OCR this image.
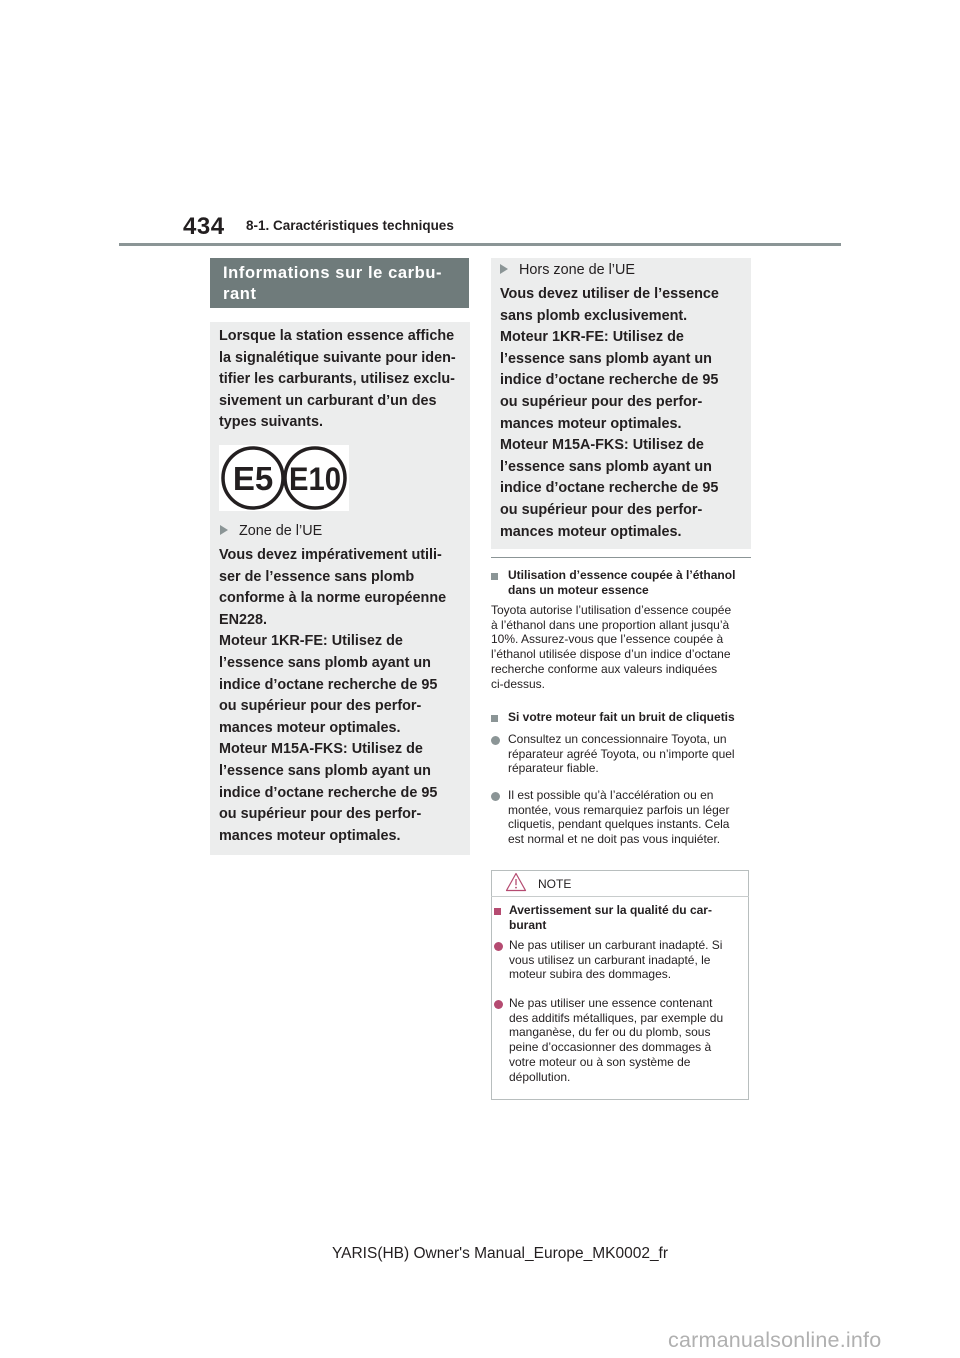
434 8-1. Caractéristiques techniques
Informations sur le carbu-
rant
Lorsque la station essence affiche
la signalétique suivante pour iden-
tifier les carburants, utilisez exclu-
sivement un carburant d’un des
types suivants.
E5 E10
Zone de l’UE
Vous devez impérativement utili-
ser de l’essence sans plomb
conforme à la norme européenne
EN228.
Moteur 1KR-FE: Utilisez de
l’essence sans plomb ayant un
indice d’octane recherche de 95
ou supérieur pour des perfor-
mances moteur optimales.
Moteur M15A-FKS: Utilisez de
l’essence sans plomb ayant un
indice d’octane recherche de 95
ou supérieur pour des perfor-
mances moteur optimales.
Hors zone de l’UE
Vous devez utiliser de l’essence
sans plomb exclusivement.
Moteur 1KR-FE: Utilisez de
l’essence sans plomb ayant un
indice d’octane recherche de 95
ou supérieur pour des perfor-
mances moteur optimales.
Moteur M15A-FKS: Utilisez de
l’essence sans plomb ayant un
indice d’octane recherche de 95
ou supérieur pour des perfor-
mances moteur optimales.
Utilisation d’essence coupée à l’éthanol
dans un moteur essence
Toyota autorise l’utilisation d’essence coupée
à l’éthanol dans une proportion allant jusqu’à
10%. Assurez-vous que l’essence coupée à
l’éthanol utilisée dispose d’un indice d’octane
recherche conforme aux valeurs indiquées
ci-dessus.
Si votre moteur fait un bruit de cliquetis
Consultez un concessionnaire Toyota, un
réparateur agréé Toyota, ou n’importe quel
réparateur fiable.
Il est possible qu’à l’accélération ou en
montée, vous remarquiez parfois un léger
cliquetis, pendant quelques instants. Cela
est normal et ne doit pas vous inquiéter.
NOTE
Avertissement sur la qualité du car-
burant
Ne pas utiliser un carburant inadapté. Si
vous utilisez un carburant inadapté, le
moteur subira des dommages.
Ne pas utiliser une essence contenant
des additifs métalliques, par exemple du
manganèse, du fer ou du plomb, sous
peine d’occasionner des dommages à
votre moteur ou à son système de
dépollution.
YARIS(HB) Owner's Manual_Europe_MK0002_fr
carmanualsonline.info
